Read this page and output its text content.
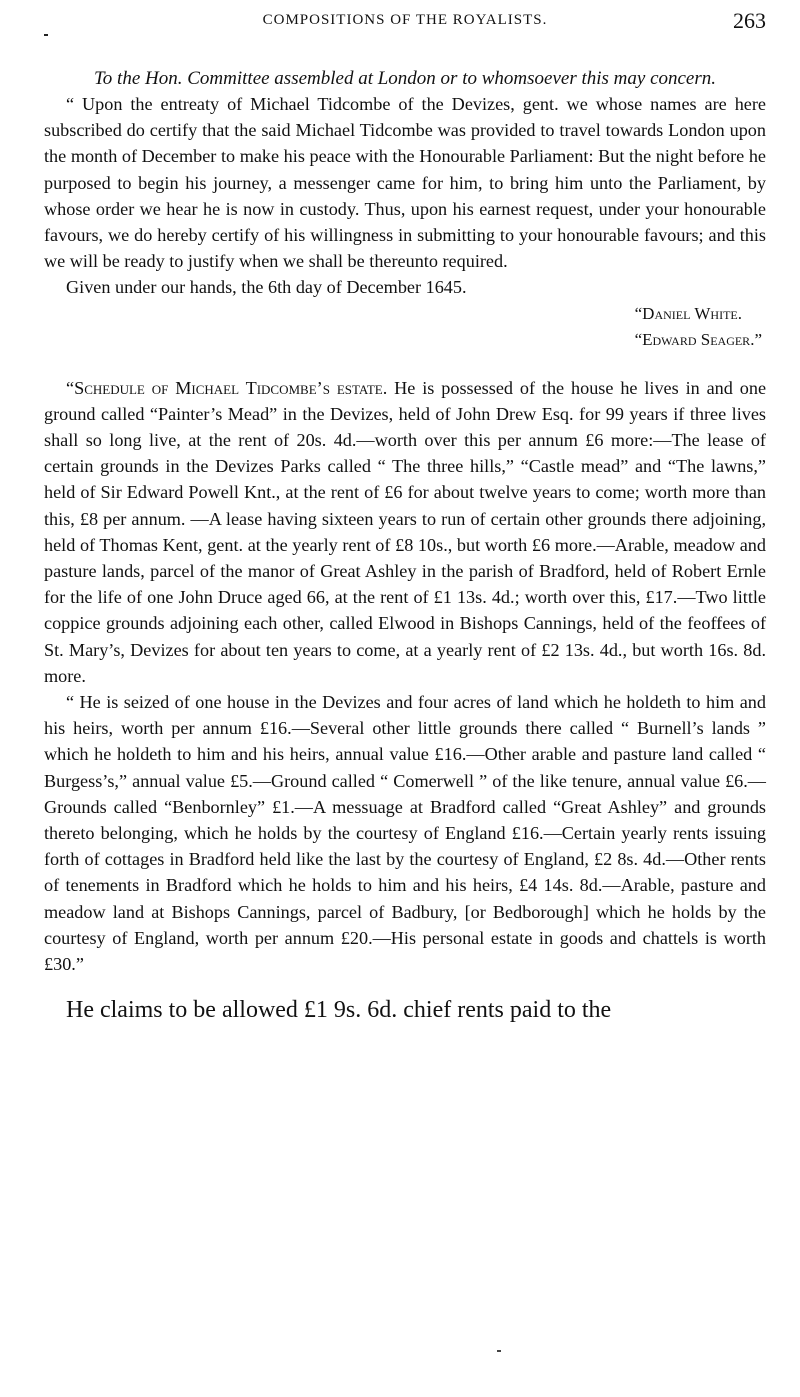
COMPOSITIONS OF THE ROYALISTS.	263
To the Hon. Committee assembled at London or to whomsoever this may concern.

“ Upon the entreaty of Michael Tidcombe of the Devizes, gent. we whose names are here subscribed do certify that the said Michael Tidcombe was provided to travel towards London upon the month of December to make his peace with the Honourable Parliament: But the night before he purposed to begin his journey, a messenger came for him, to bring him unto the Parliament, by whose order we hear he is now in custody. Thus, upon his earnest request, under your honourable favours, we do hereby certify of his willingness in submitting to your honourable favours; and this we will be ready to justify when we shall be thereunto required.

Given under our hands, the 6th day of December 1645.

“Daniel White.
“Edward Seager.”

“Schedule of Michael Tidcombe’s estate. He is possessed of the house he lives in and one ground called “Painter’s Mead” in the Devizes, held of John Drew Esq. for 99 years if three lives shall so long live, at the rent of 20s. 4d.—worth over this per annum £6 more:—The lease of certain grounds in the Devizes Parks called “ The three hills,” “Castle mead” and “The lawns,” held of Sir Edward Powell Knt., at the rent of £6 for about twelve years to come; worth more than this, £8 per annum. —A lease having sixteen years to run of certain other grounds there adjoining, held of Thomas Kent, gent. at the yearly rent of £8 10s., but worth £6 more.—Arable, meadow and pasture lands, parcel of the manor of Great Ashley in the parish of Bradford, held of Robert Ernle for the life of one John Druce aged 66, at the rent of £1 13s. 4d.; worth over this, £17.—Two little coppice grounds adjoining each other, called Elwood in Bishops Cannings, held of the feoffees of St. Mary’s, Devizes for about ten years to come, at a yearly rent of £2 13s. 4d., but worth 16s. 8d. more.

“ He is seized of one house in the Devizes and four acres of land which he holdeth to him and his heirs, worth per annum £16.—Several other little grounds there called “ Burnell’s lands ” which he holdeth to him and his heirs, annual value £16.—Other arable and pasture land called “ Burgess’s,” annual value £5.—Ground called “ Comerwell ” of the like tenure, annual value £6.—Grounds called “Benbornley” £1.—A messuage at Bradford called “Great Ashley” and grounds thereto belonging, which he holds by the courtesy of England £16.—Certain yearly rents issuing forth of cottages in Bradford held like the last by the courtesy of England, £2 8s. 4d.—Other rents of tenements in Bradford which he holds to him and his heirs, £4 14s. 8d.—Arable, pasture and meadow land at Bishops Cannings, parcel of Badbury, [or Bedborough] which he holds by the courtesy of England, worth per annum £20.—His personal estate in goods and chattels is worth £30.”

He claims to be allowed £1 9s. 6d. chief rents paid to the
